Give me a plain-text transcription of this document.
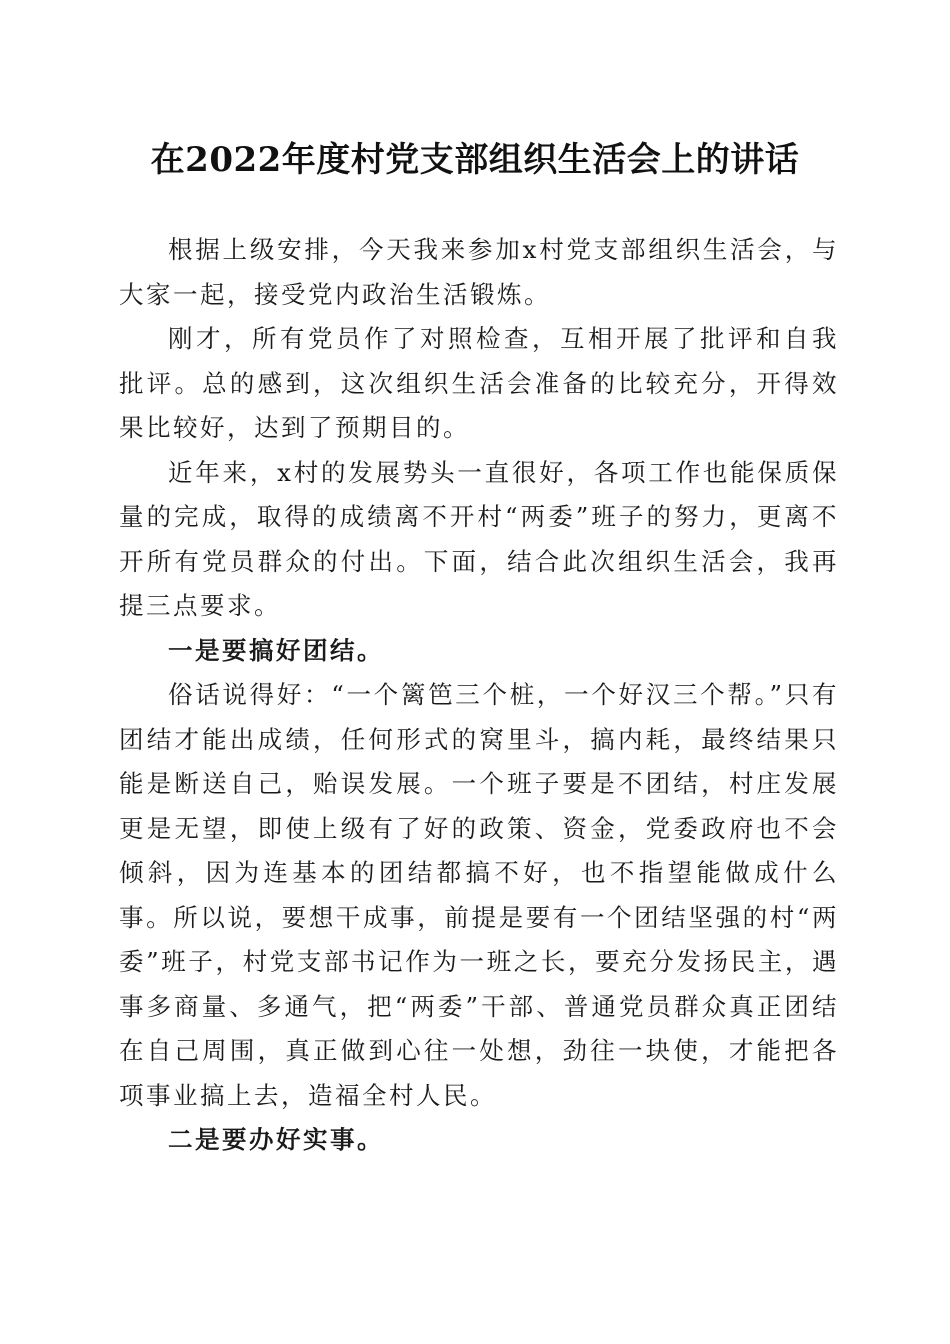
在2022年度村党支部组织生活会上的讲话

根据上级安排，今天我来参加x村党支部组织生活会，与大家一起，接受党内政治生活锻炼。

刚才，所有党员作了对照检查，互相开展了批评和自我批评。总的感到，这次组织生活会准备的比较充分，开得效果比较好，达到了预期目的。

近年来，x村的发展势头一直很好，各项工作也能保质保量的完成，取得的成绩离不开村“两委”班子的努力，更离不开所有党员群众的付出。下面，结合此次组织生活会，我再提三点要求。

一是要搞好团结。

俗话说得好：“一个篱笆三个桩，一个好汉三个帮。”只有团结才能出成绩，任何形式的窝里斗，搞内耗，最终结果只能是断送自己，贻误发展。一个班子要是不团结，村庄发展更是无望，即使上级有了好的政策、资金，党委政府也不会倾斜，因为连基本的团结都搞不好，也不指望能做成什么事。所以说，要想干成事，前提是要有一个团结坚强的村“两委”班子，村党支部书记作为一班之长，要充分发扬民主，遇事多商量、多通气，把“两委”干部、普通党员群众真正团结在自己周围，真正做到心往一处想，劲往一块使，才能把各项事业搞上去，造福全村人民。

二是要办好实事。
